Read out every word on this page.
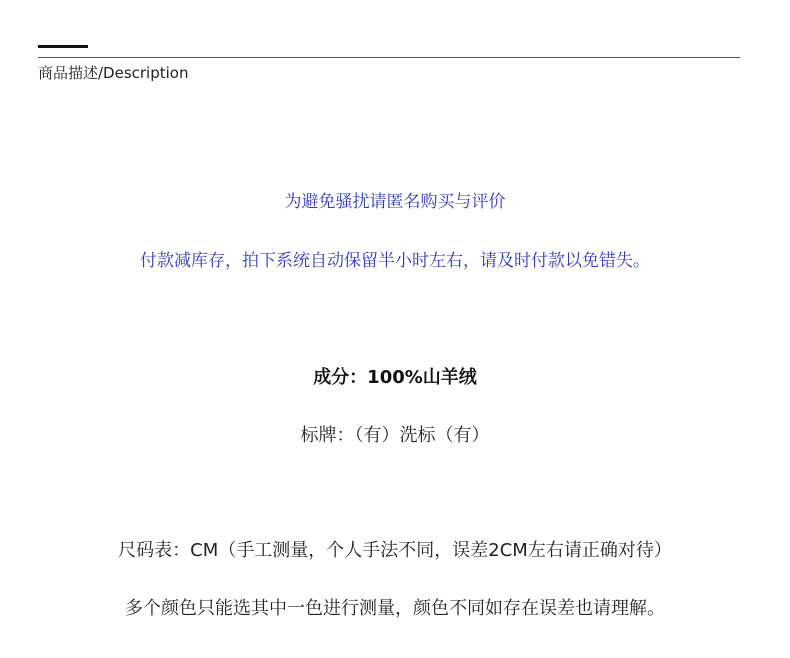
商品描述/Description
为避免骚扰请匿名购买与评价
付款减库存，拍下系统自动保留半小时左右，请及时付款以免错失。
成分：100%山羊绒
标牌：（有）洗标（有）
尺码表：CM（手工测量，个人手法不同，误差2CM左右请正确对待）
多个颜色只能选其中一色进行测量，颜色不同如存在误差也请理解。
